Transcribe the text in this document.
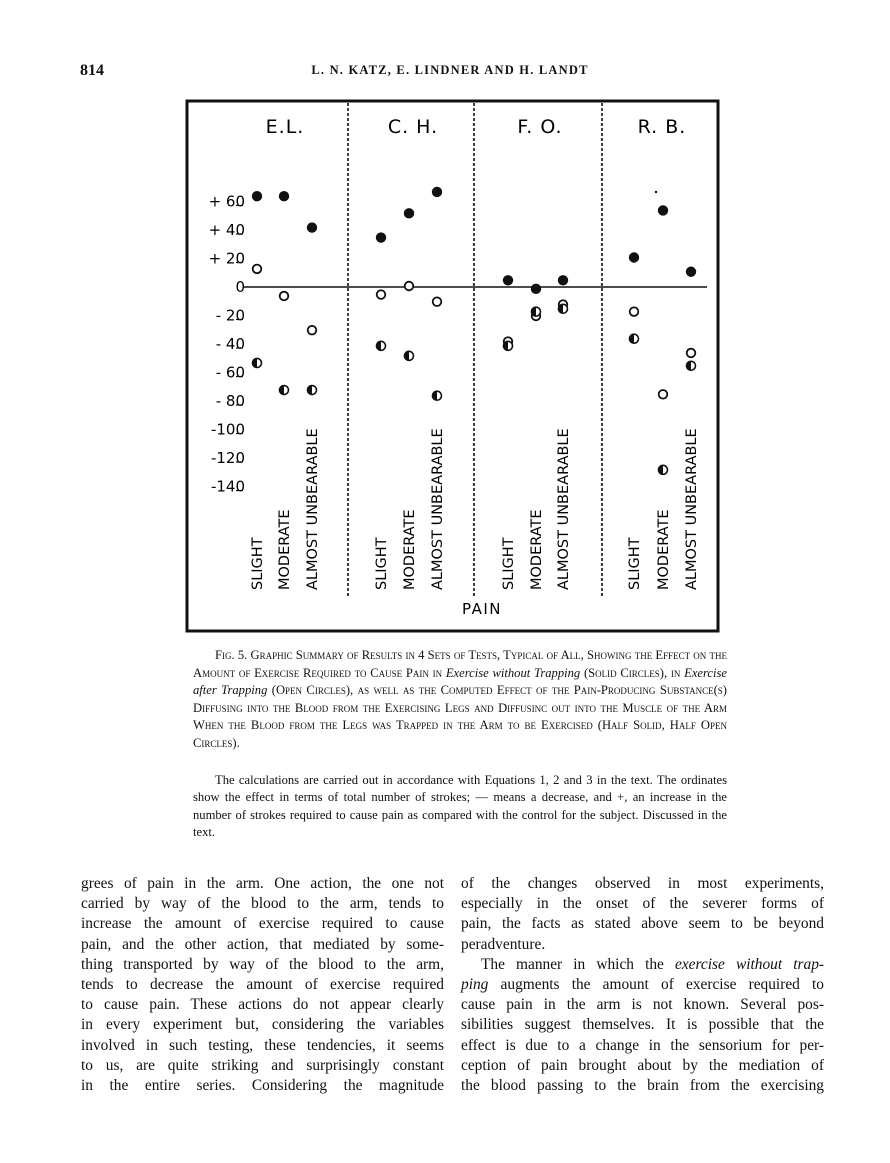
814	L. N. KATZ, E. LINDNER AND H. LANDT
+ 60
+ 40
+ 20
0
- 20
- 40
- 60
- 80
-100
-120
-140
E.L.
SLIGHT MODERATE ALMOST UNBEARABLE
C. H.
SLIGHT MODERATE ALMOST UNBEARABLE
F. O.
SLIGHT MODERATE ALMOST UNBEARABLE
R. B.
SLIGHT MODERATE ALMOST UNBEARABLE
PAIN
Fig. 5. Graphic Summary of Results in 4 Sets of Tests, Typical of All, Showing the Effect on the Amount of Exercise Required to Cause Pain in Exercise without Trapping (Solid Circles), in Exercise after Trapping (Open Circles), as well as the Computed Effect of the Pain-Producing Substance(s) Diffusing into the Blood from the Exercising Legs and Diffusinc out into the Muscle of the Arm When the Blood from the Legs was Trapped in the Arm to be Exercised (Half Solid, Half Open Circles).
The calculations are carried out in accordance with Equations 1, 2 and 3 in the text. The ordinates show the effect in terms of total number of strokes; — means a decrease, and +, an increase in the number of strokes required to cause pain as compared with the control for the subject. Discussed in the text.
grees of pain in the arm. One action, the one not
carried by way of the blood to the arm, tends to
increase the amount of exercise required to cause
pain, and the other action, that mediated by some-
thing transported by way of the blood to the arm,
tends to decrease the amount of exercise required
to cause pain. These actions do not appear clearly
in every experiment but, considering the variables
involved in such testing, these tendencies, it seems
to us, are quite striking and surprisingly constant
in the entire series. Considering the magnitude
of the changes observed in most experiments,
especially in the onset of the severer forms of
pain, the facts as stated above seem to be beyond
peradventure.
The manner in which the exercise without trap-
ping augments the amount of exercise required to
cause pain in the arm is not known. Several pos-
sibilities suggest themselves. It is possible that the
effect is due to a change in the sensorium for per-
ception of pain brought about by the mediation of
the blood passing to the brain from the exercising
